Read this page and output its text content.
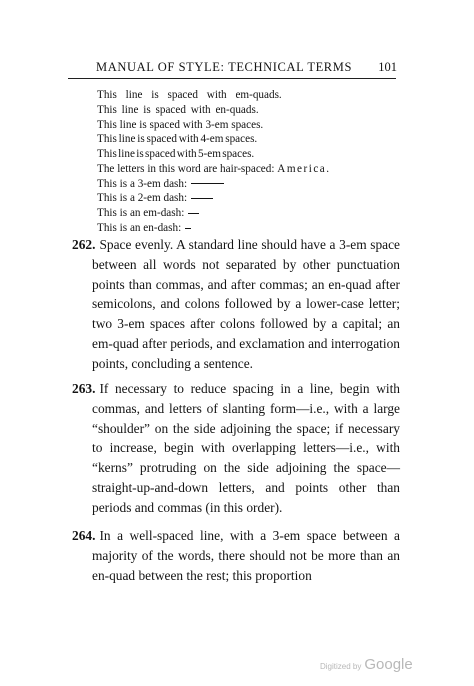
MANUAL OF STYLE: TECHNICAL TERMS 101
This line is spaced with em-quads.
This line is spaced with en-quads.
This line is spaced with 3-em spaces.
This line is spaced with 4-em spaces.
This line is spaced with 5-em spaces.
The letters in this word are hair-spaced: America.
This is a 3-em dash:
This is a 2-em dash:
This is an em-dash:
This is an en-dash:
262. Space evenly. A standard line should have a 3-em space between all words not separated by other punctuation points than commas, and after commas; an en-quad after semicolons, and colons followed by a lower-case letter; two 3-em spaces after colons followed by a capital; an em-quad after periods, and exclamation and interrogation points, concluding a sentence.
263. If necessary to reduce spacing in a line, begin with commas, and letters of slanting form—i.e., with a large “shoulder” on the side adjoining the space; if necessary to increase, begin with overlapping letters—i.e., with “kerns” protruding on the side adjoining the space—straight-up-and-down letters, and points other than periods and commas (in this order).
264. In a well-spaced line, with a 3-em space between a majority of the words, there should not be more than an en-quad between the rest; this proportion
Digitized by Google
